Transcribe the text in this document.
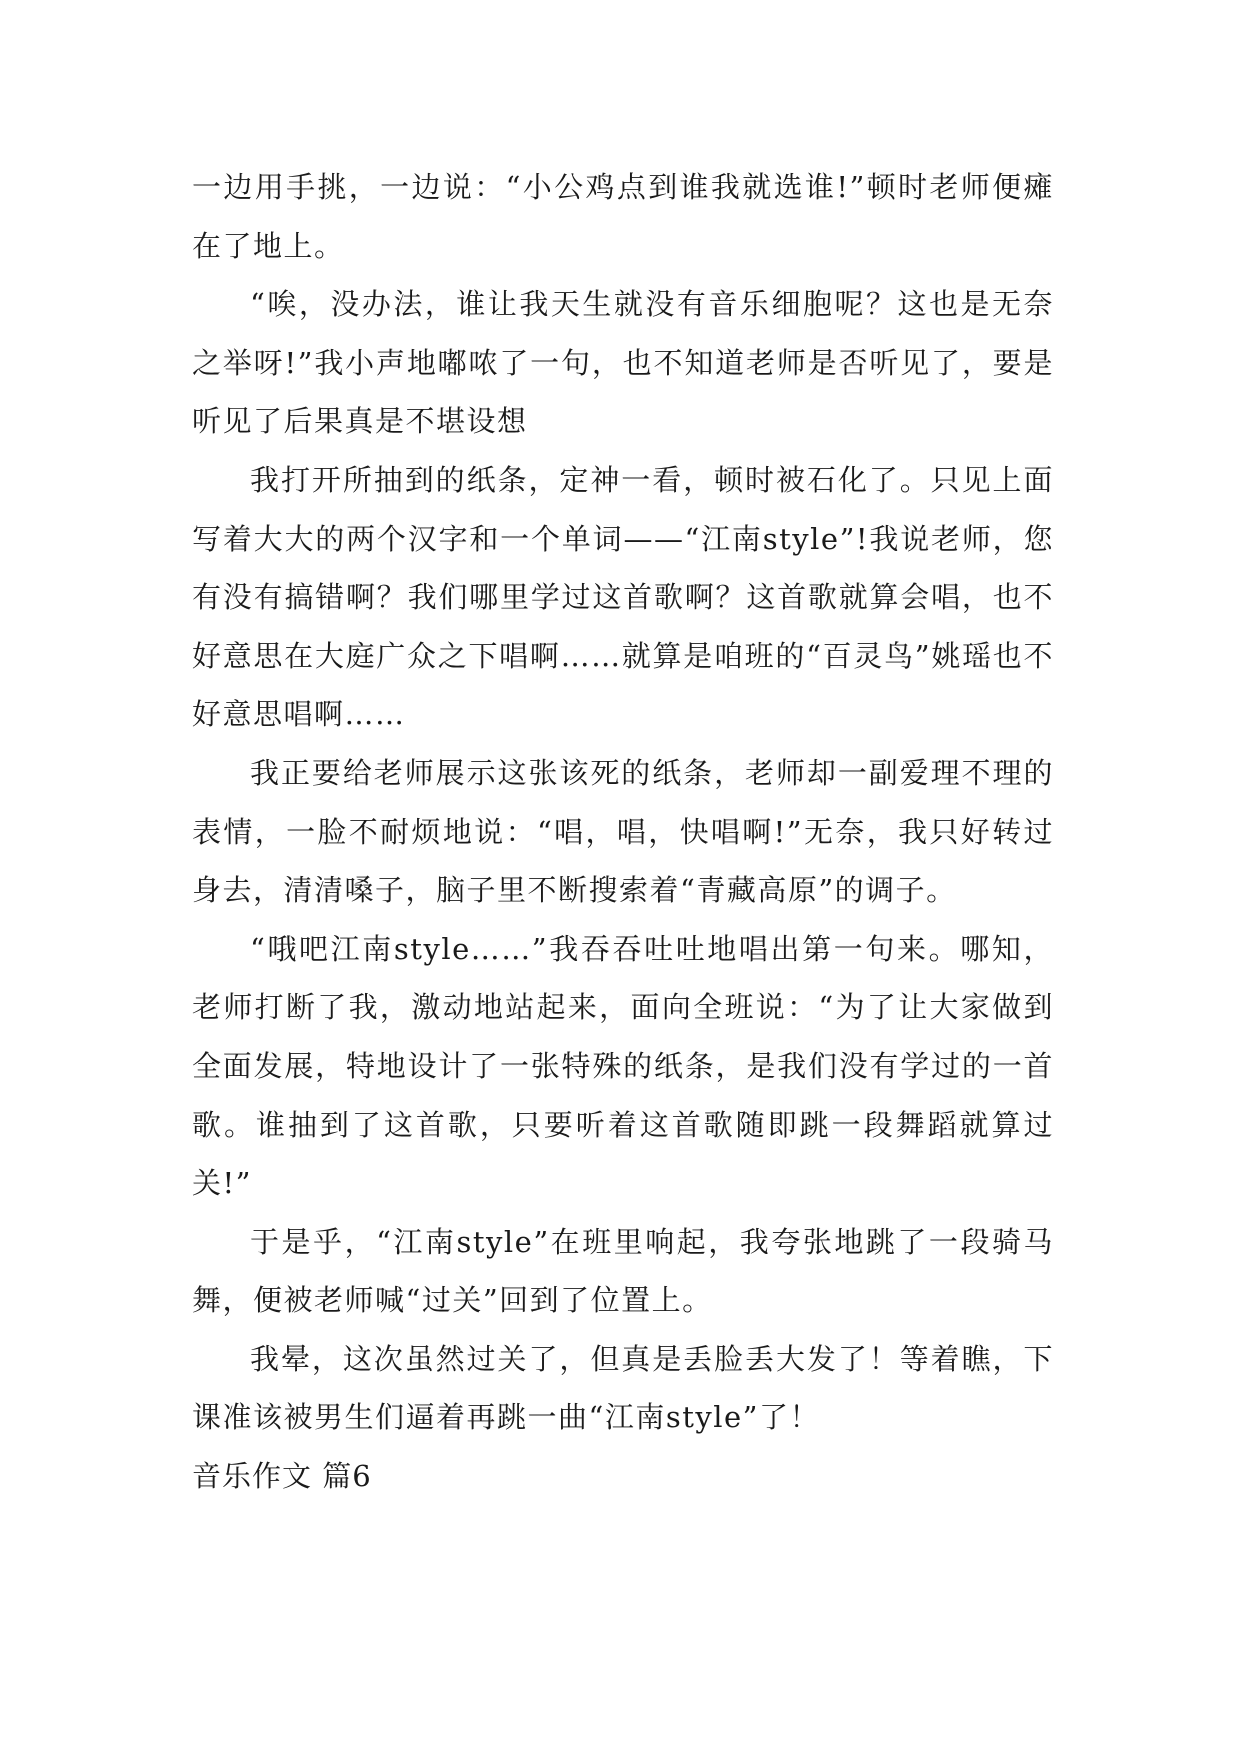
一边用手挑，一边说：“小公鸡点到谁我就选谁!”顿时老师便瘫在了地上。

“唉，没办法，谁让我天生就没有音乐细胞呢？这也是无奈之举呀!”我小声地嘟哝了一句，也不知道老师是否听见了，要是听见了后果真是不堪设想

我打开所抽到的纸条，定神一看，顿时被石化了。只见上面写着大大的两个汉字和一个单词——“江南style”!我说老师，您有没有搞错啊？我们哪里学过这首歌啊？这首歌就算会唱，也不好意思在大庭广众之下唱啊……就算是咱班的“百灵鸟”姚瑶也不好意思唱啊……

我正要给老师展示这张该死的纸条，老师却一副爱理不理的表情，一脸不耐烦地说：“唱，唱，快唱啊!”无奈，我只好转过身去，清清嗓子，脑子里不断搜索着“青藏高原”的调子。

“哦吧江南style……”我吞吞吐吐地唱出第一句来。哪知，老师打断了我，激动地站起来，面向全班说：“为了让大家做到全面发展，特地设计了一张特殊的纸条，是我们没有学过的一首歌。谁抽到了这首歌，只要听着这首歌随即跳一段舞蹈就算过关!”

于是乎，“江南style”在班里响起，我夸张地跳了一段骑马舞，便被老师喊“过关”回到了位置上。

我晕，这次虽然过关了，但真是丢脸丢大发了！等着瞧，下课准该被男生们逼着再跳一曲“江南style”了！

音乐作文 篇6
